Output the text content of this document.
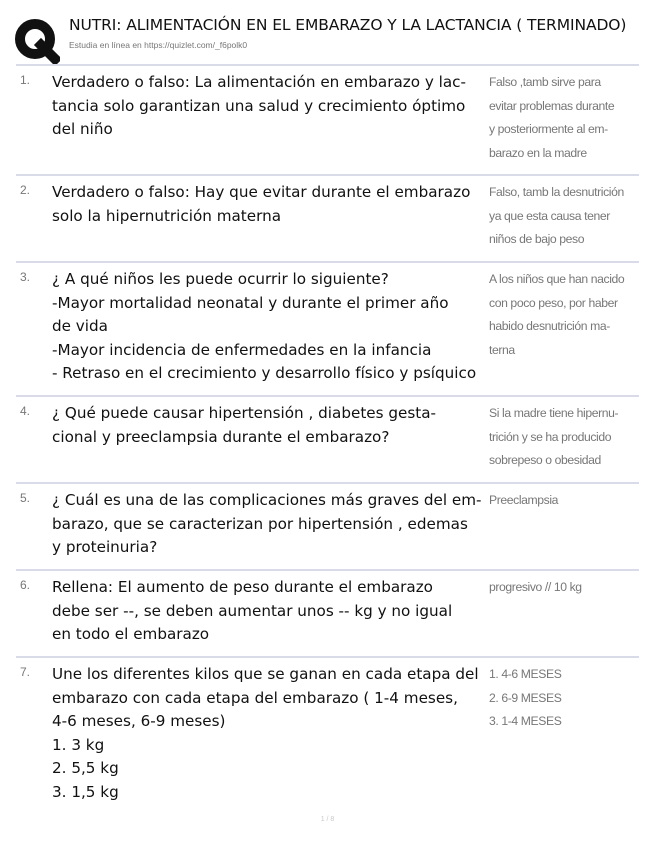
NUTRI: ALIMENTACIÓN EN EL EMBARAZO Y LA LACTANCIA ( TERMINADO)
Estudia en línea en https://quizlet.com/_f6polk0
1. Verdadero o falso: La alimentación en embarazo y lac-
tancia solo garantizan una salud y crecimiento óptimo
del niño
Falso ,tamb sirve para
evitar problemas durante
y posteriormente al em-
barazo en la madre
2. Verdadero o falso: Hay que evitar durante el embarazo
solo la hipernutrición materna
Falso, tamb la desnutrición
ya que esta causa tener
niños de bajo peso
3. ¿ A qué niños les puede ocurrir lo siguiente?
-Mayor mortalidad neonatal y durante el primer año
de vida
-Mayor incidencia de enfermedades en la infancia
- Retraso en el crecimiento y desarrollo físico y psíquico
A los niños que han nacido
con poco peso, por haber
habido desnutrición ma-
terna
4. ¿ Qué puede causar hipertensión , diabetes gesta-
cional y preeclampsia durante el embarazo?
Si la madre tiene hipernu-
trición y se ha producido
sobrepeso o obesidad
5. ¿ Cuál es una de las complicaciones más graves del em-
barazo, que se caracterizan por hipertensión , edemas
y proteinuria?
Preeclampsia
6. Rellena: El aumento de peso durante el embarazo
debe ser --, se deben aumentar unos -- kg y no igual
en todo el embarazo
progresivo // 10 kg
7. Une los diferentes kilos que se ganan en cada etapa del
embarazo con cada etapa del embarazo ( 1-4 meses,
4-6 meses, 6-9 meses)
1. 3 kg
2. 5,5 kg
3. 1,5 kg
1. 4-6 MESES
2. 6-9 MESES
3. 1-4 MESES
1 / 8
